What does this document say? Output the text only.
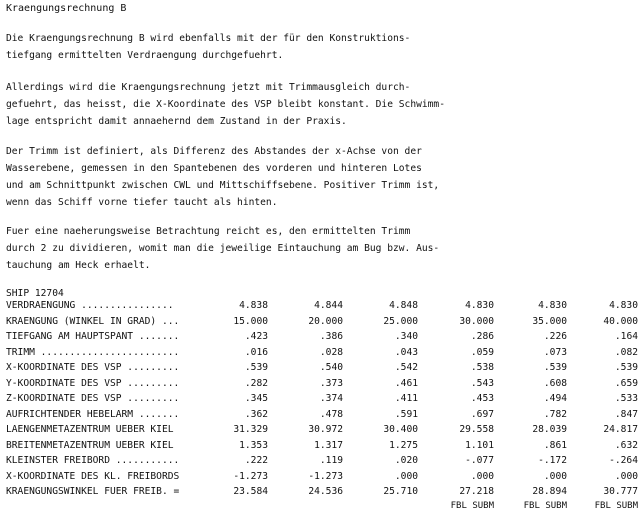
Kraengungsrechnung B
Die Kraengungsrechnung B wird ebenfalls mit der für den Konstruktions-
tiefgang ermittelten Verdraengung durchgefuehrt.
Allerdings wird die Kraengungsrechnung jetzt mit Trimmausgleich durch-
gefuehrt, das heisst, die X-Koordinate des VSP bleibt konstant. Die Schwimm-
lage entspricht damit annaehernd dem Zustand in der Praxis.
Der Trimm ist definiert, als Differenz des Abstandes der x-Achse von der
Wasserebene, gemessen in den Spantebenen des vorderen und hinteren Lotes
und am Schnittpunkt zwischen CWL und Mittschiffsebene. Positiver Trimm ist,
wenn das Schiff vorne tiefer taucht als hinten.
Fuer eine naeherungsweise Betrachtung reicht es, den ermittelten Trimm
durch 2 zu dividieren, womit man die jeweilige Eintauchung am Bug bzw. Aus-
tauchung am Heck erhaelt.
SHIP 12704
VERDRAENGUNG ................	4.838	4.844	4.848	4.830	4.830	4.830
KRAENGUNG (WINKEL IN GRAD) ...	15.000	20.000	25.000	30.000	35.000	40.000
TIEFGANG AM HAUPTSPANT .......	.423	.386	.340	.286	.226	.164
TRIMM ........................	.016	.028	.043	.059	.073	.082
X-KOORDINATE DES VSP .........	.539	.540	.542	.538	.539	.539
Y-KOORDINATE DES VSP .........	.282	.373	.461	.543	.608	.659
Z-KOORDINATE DES VSP .........	.345	.374	.411	.453	.494	.533
AUFRICHTENDER HEBELARM .......	.362	.478	.591	.697	.782	.847
LAENGENMETAZENTRUM UEBER KIEL	31.329	30.972	30.400	29.558	28.039	24.817
BREITENMETAZENTRUM UEBER KIEL	1.353	1.317	1.275	1.101	.861	.632
KLEINSTER FREIBORD ...........	.222	.119	.020	-.077	-.172	-.264
X-KOORDINATE DES KL. FREIBORDS	-1.273	-1.273	.000	.000	.000	.000
KRAENGUNGSWINKEL FUER FREIB. =	23.584	24.536	25.710	27.218	28.894	30.777
				FBL SUBM	FBL SUBM	FBL SUBM
